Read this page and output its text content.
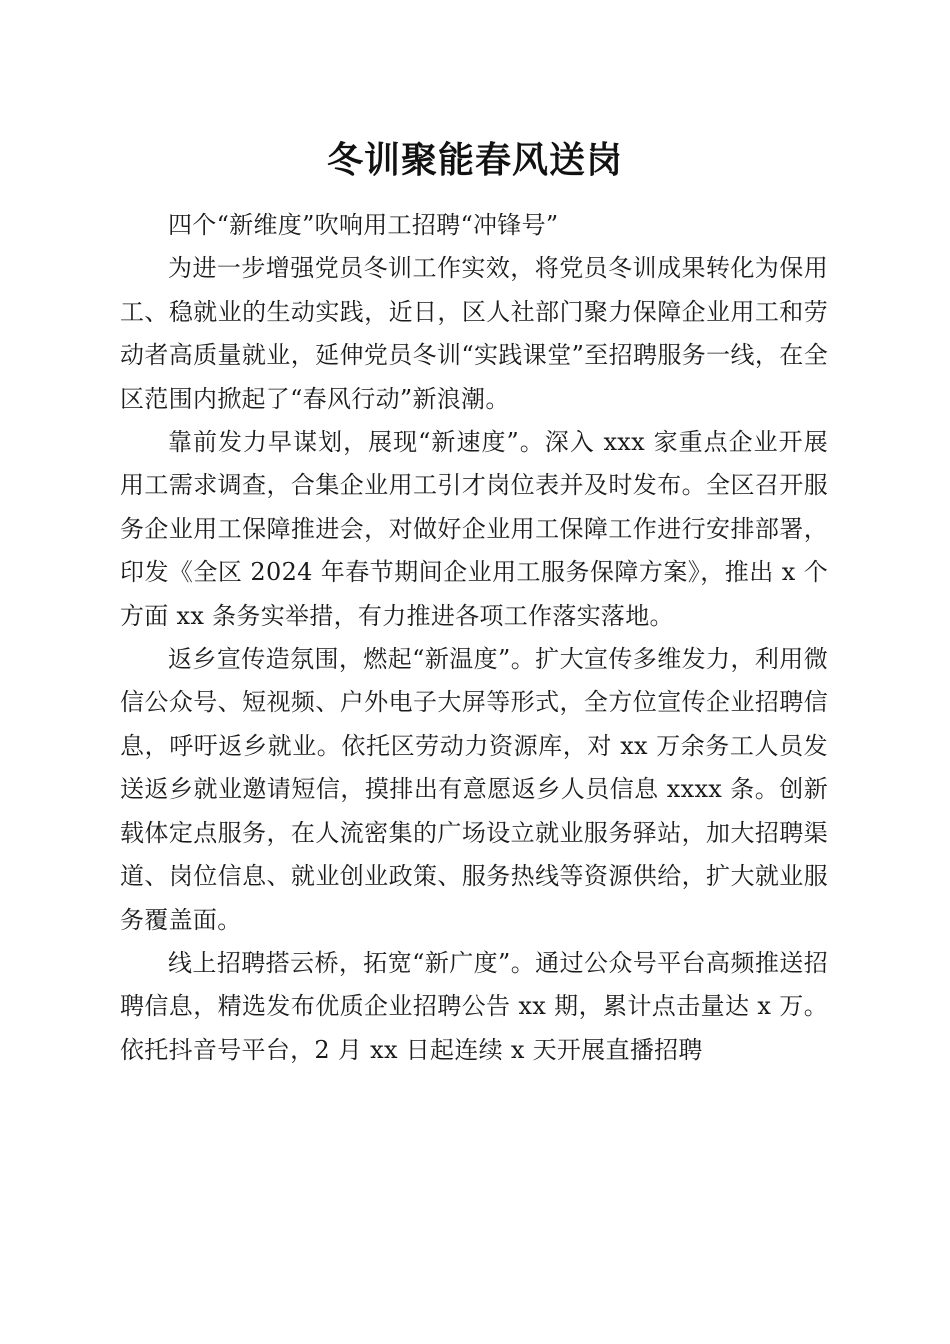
冬训聚能春风送岗

四个“新维度”吹响用工招聘“冲锋号”

为进一步增强党员冬训工作实效，将党员冬训成果转化为保用工、稳就业的生动实践，近日，区人社部门聚力保障企业用工和劳动者高质量就业，延伸党员冬训“实践课堂”至招聘服务一线，在全区范围内掀起了“春风行动”新浪潮。

靠前发力早谋划，展现“新速度”。深入 xxx 家重点企业开展用工需求调查，合集企业用工引才岗位表并及时发布。全区召开服务企业用工保障推进会，对做好企业用工保障工作进行安排部署，印发《全区 2024 年春节期间企业用工服务保障方案》，推出 x 个方面 xx 条务实举措，有力推进各项工作落实落地。

返乡宣传造氛围，燃起“新温度”。扩大宣传多维发力，利用微信公众号、短视频、户外电子大屏等形式，全方位宣传企业招聘信息，呼吁返乡就业。依托区劳动力资源库，对 xx 万余务工人员发送返乡就业邀请短信，摸排出有意愿返乡人员信息 xxxx 条。创新载体定点服务，在人流密集的广场设立就业服务驿站，加大招聘渠道、岗位信息、就业创业政策、服务热线等资源供给，扩大就业服务覆盖面。

线上招聘搭云桥，拓宽“新广度”。通过公众号平台高频推送招聘信息，精选发布优质企业招聘公告 xx 期，累计点击量达 x 万。依托抖音号平台，2 月 xx 日起连续 x 天开展直播招聘
